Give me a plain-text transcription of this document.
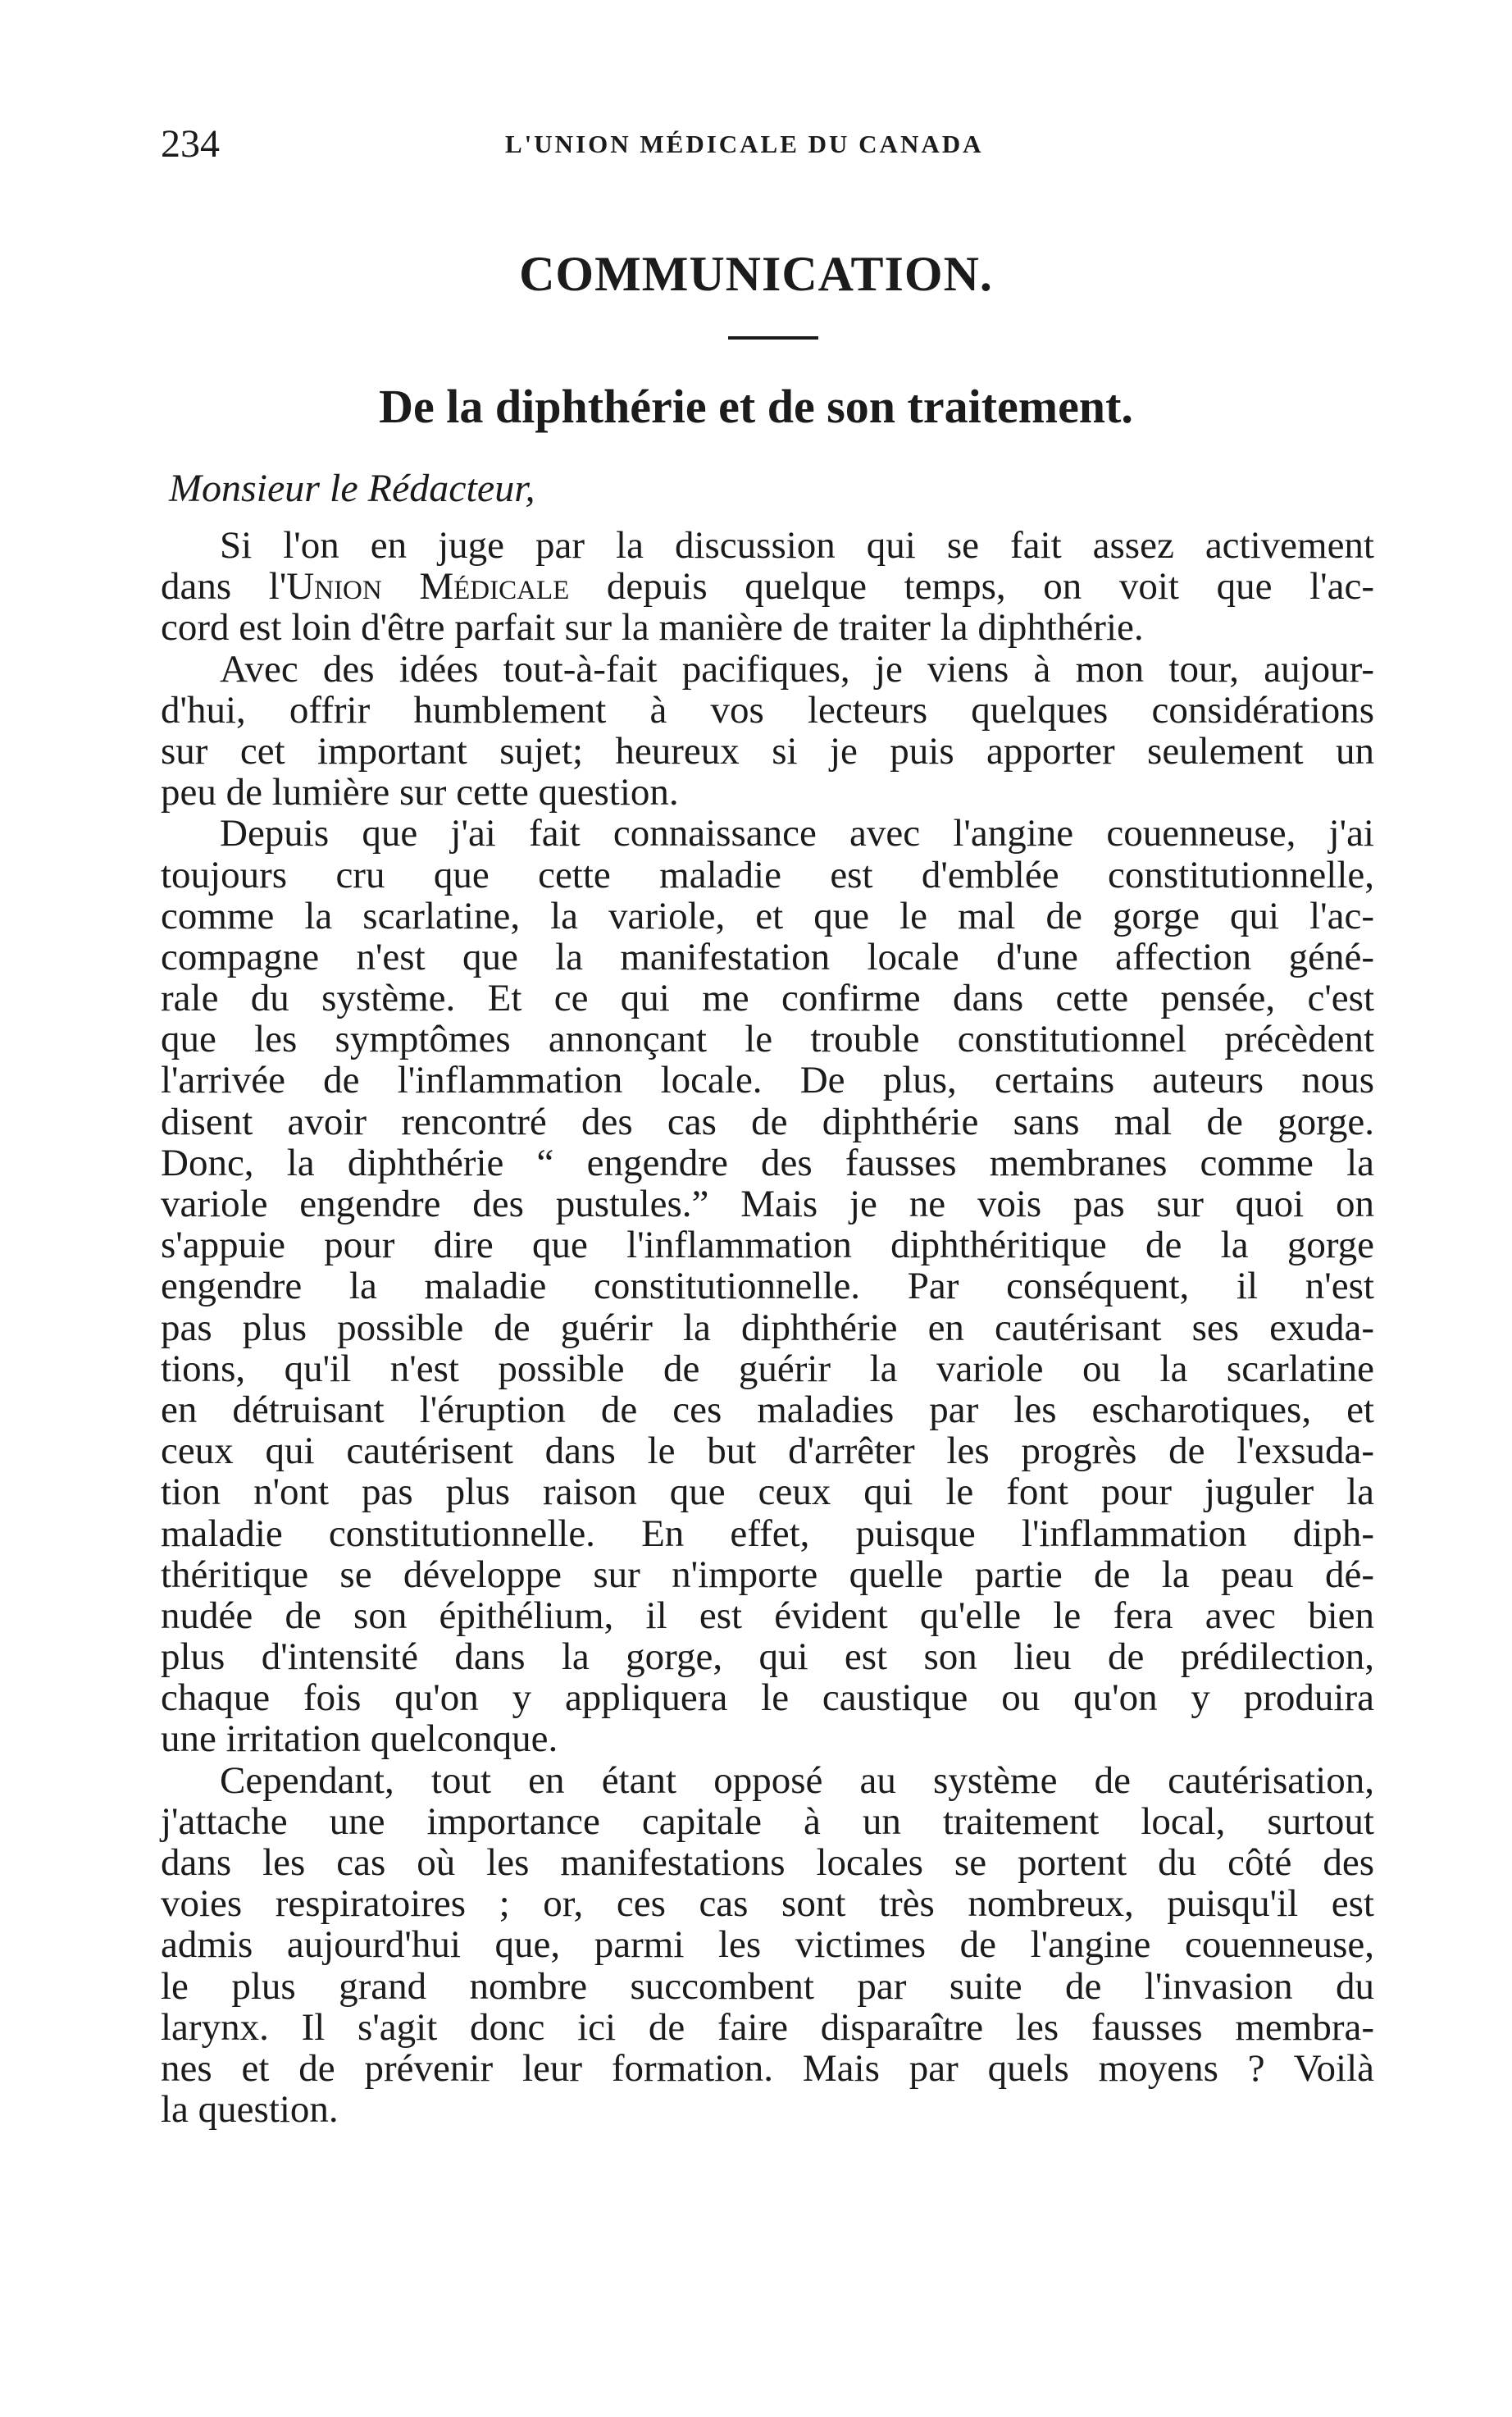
234	L'UNION MÉDICALE DU CANADA
COMMUNICATION.
De la diphthérie et de son traitement.
Monsieur le Rédacteur,
Si l'on en juge par la discussion qui se fait assez activement
dans l'Union Médicale depuis quelque temps, on voit que l'ac-
cord est loin d'être parfait sur la manière de traiter la diphthérie.
Avec des idées tout-à-fait pacifiques, je viens à mon tour, aujour-
d'hui, offrir humblement à vos lecteurs quelques considérations
sur cet important sujet; heureux si je puis apporter seulement un
peu de lumière sur cette question.
Depuis que j'ai fait connaissance avec l'angine couenneuse, j'ai
toujours cru que cette maladie est d'emblée constitutionnelle,
comme la scarlatine, la variole, et que le mal de gorge qui l'ac-
compagne n'est que la manifestation locale d'une affection géné-
rale du système. Et ce qui me confirme dans cette pensée, c'est
que les symptômes annonçant le trouble constitutionnel précèdent
l'arrivée de l'inflammation locale. De plus, certains auteurs nous
disent avoir rencontré des cas de diphthérie sans mal de gorge.
Donc, la diphthérie “ engendre des fausses membranes comme la
variole engendre des pustules.” Mais je ne vois pas sur quoi on
s'appuie pour dire que l'inflammation diphthéritique de la gorge
engendre la maladie constitutionnelle. Par conséquent, il n'est
pas plus possible de guérir la diphthérie en cautérisant ses exuda-
tions, qu'il n'est possible de guérir la variole ou la scarlatine
en détruisant l'éruption de ces maladies par les escharotiques, et
ceux qui cautérisent dans le but d'arrêter les progrès de l'exsuda-
tion n'ont pas plus raison que ceux qui le font pour juguler la
maladie constitutionnelle. En effet, puisque l'inflammation diph-
théritique se développe sur n'importe quelle partie de la peau dé-
nudée de son épithélium, il est évident qu'elle le fera avec bien
plus d'intensité dans la gorge, qui est son lieu de prédilection,
chaque fois qu'on y appliquera le caustique ou qu'on y produira
une irritation quelconque.
Cependant, tout en étant opposé au système de cautérisation,
j'attache une importance capitale à un traitement local, surtout
dans les cas où les manifestations locales se portent du côté des
voies respiratoires ; or, ces cas sont très nombreux, puisqu'il est
admis aujourd'hui que, parmi les victimes de l'angine couenneuse,
le plus grand nombre succombent par suite de l'invasion du
larynx. Il s'agit donc ici de faire disparaître les fausses membra-
nes et de prévenir leur formation. Mais par quels moyens ? Voilà
la question.
